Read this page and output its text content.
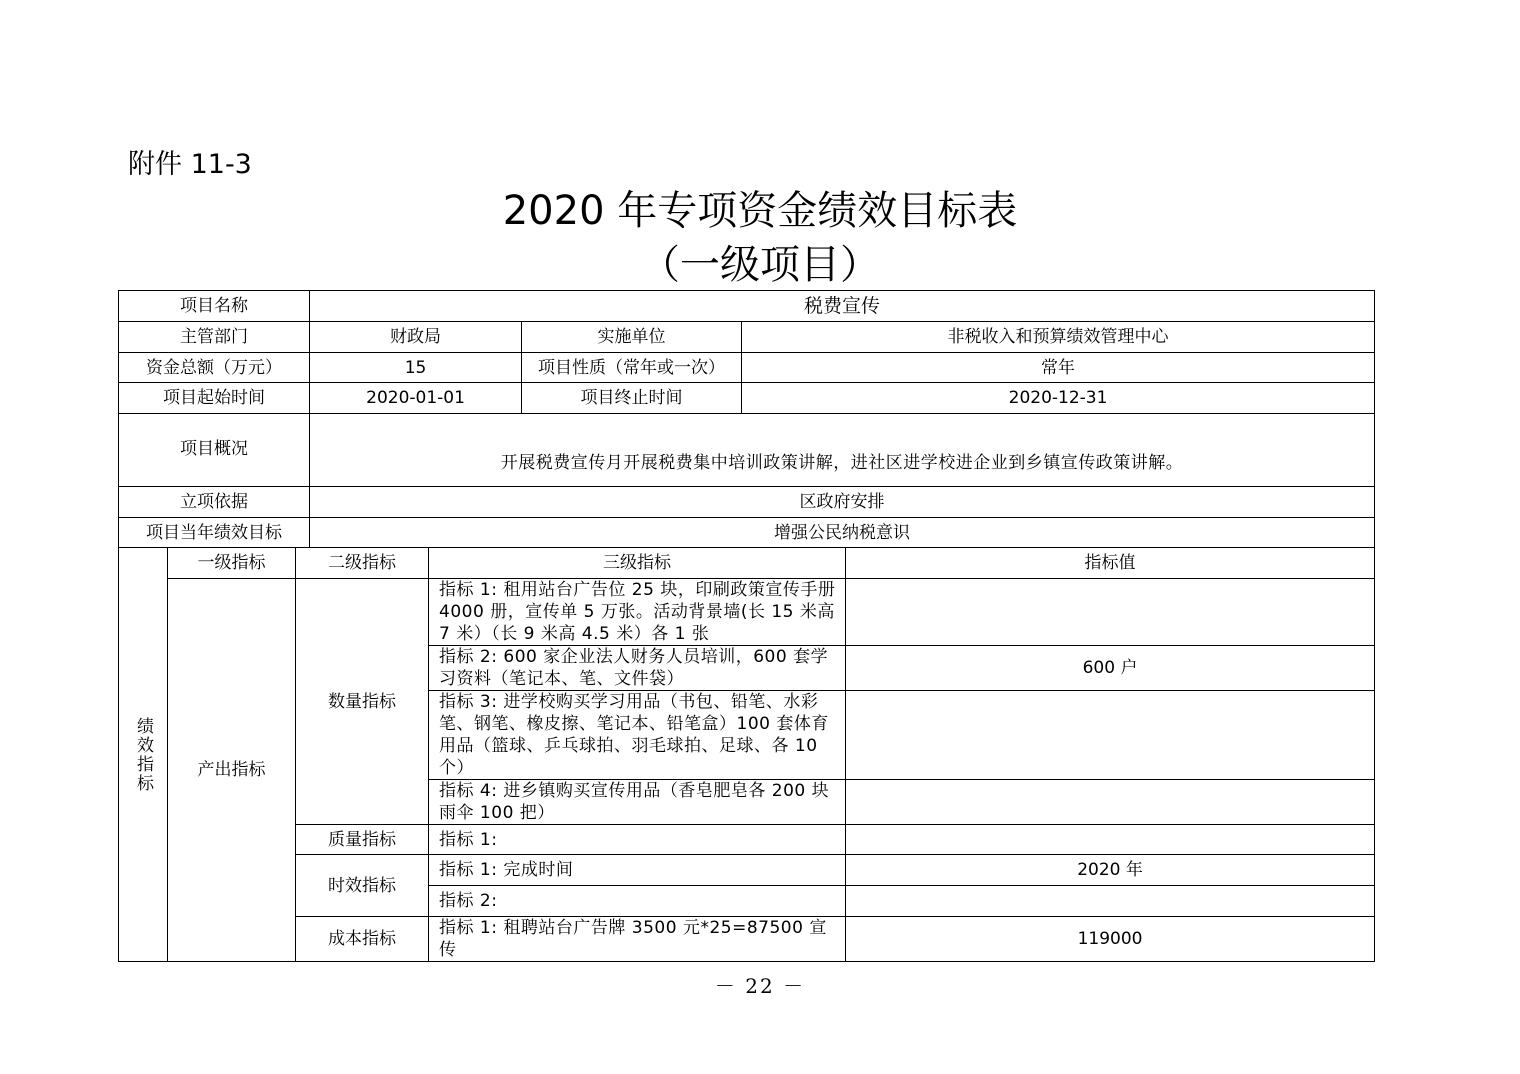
附件 11-3
2020 年专项资金绩效目标表
（一级项目）
项目名称			税费宣传				
主管部门			财政局		实施单位	非税收入和预算绩效管理中心	
资金总额（万元）			15		项目性质（常年或一次）	常年	
项目起始时间			2020-01-01		项目终止时间	2020-12-31	
项目概况			开展税费宣传月开展税费集中培训政策讲解，进社区进学校进企业到乡镇宣传政策讲解。				
立项依据			区政府安排				
项目当年绩效目标			增强公民纳税意识				
绩效指标	一级指标	二级指标		三级指标			指标值
	产出指标	数量指标		指标 1: 租用站台广告位 25 块，印刷政策宣传手册 4000 册，宣传单 5 万张。活动背景墙(长 15 米高 7 米）（长 9 米高 4.5 米）各 1 张			
				指标 2: 600 家企业法人财务人员培训，600 套学习资料（笔记本、笔、文件袋）			600 户
				指标 3: 进学校购买学习用品（书包、铅笔、水彩笔、钢笔、橡皮擦、笔记本、铅笔盒）100 套体育用品（篮球、乒乓球拍、羽毛球拍、足球、各 10 个）			
				指标 4: 进乡镇购买宣传用品（香皂肥皂各 200 块雨伞 100 把）			
		质量指标		指标 1:			
		时效指标		指标 1: 完成时间			2020 年
				指标 2:			
		成本指标		指标 1: 租聘站台广告牌 3500 元*25=87500 宣传			119000
－ 22 －
